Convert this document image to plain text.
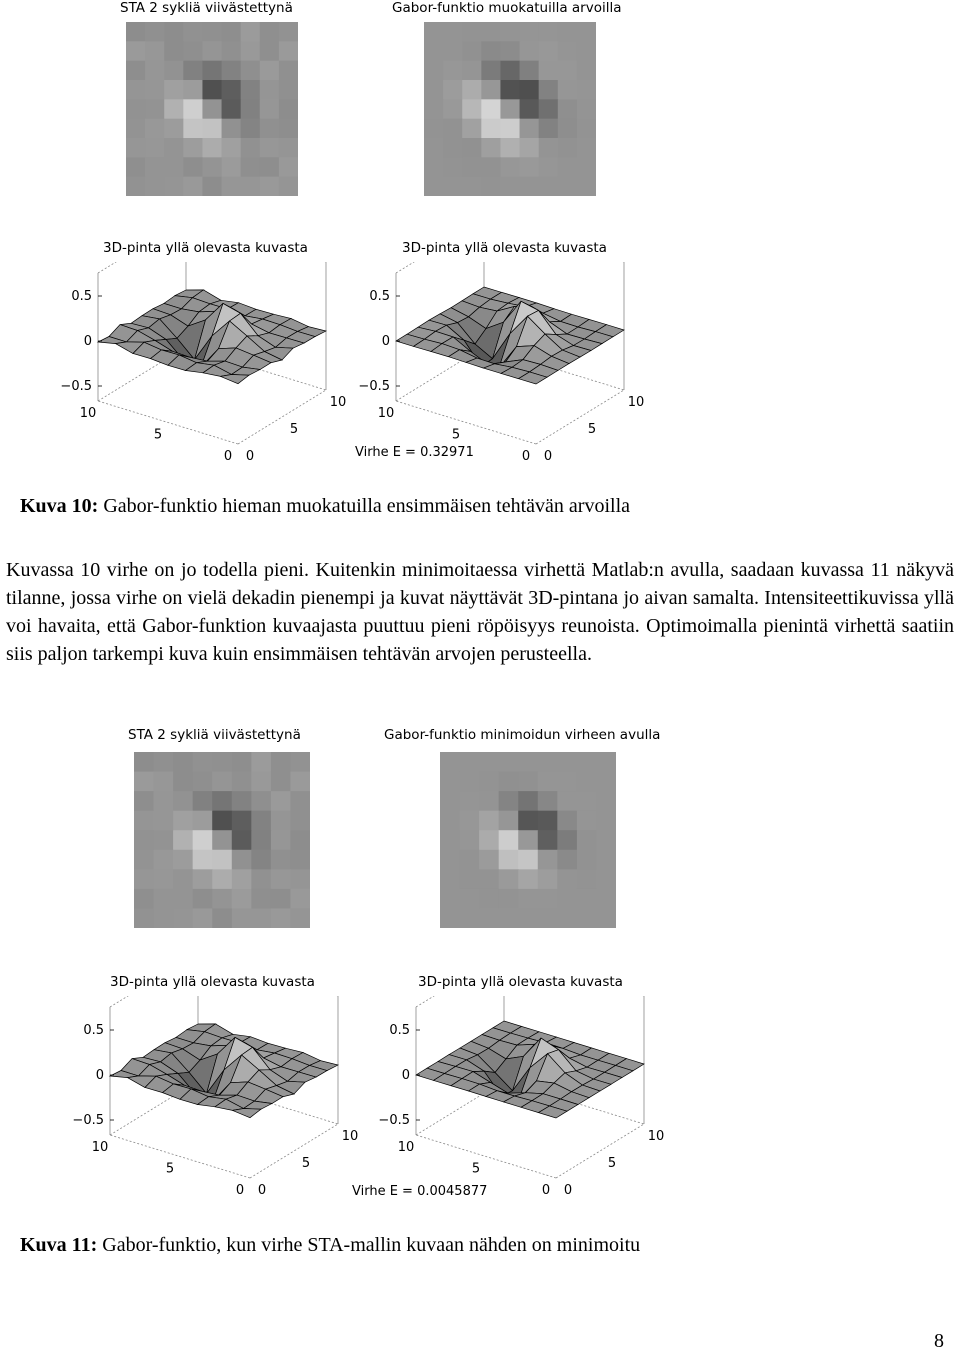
STA 2 sykliä viivästettynä	Gabor-funktio muokatuilla arvoilla
3D-pinta yllä olevasta kuvasta	3D-pinta yllä olevasta kuvasta
0.5
0
−0.5
10
5
0 0
5
10
0.5
0
−0.5
10
5
0 0
5
10
Virhe E = 0.32971
Kuva 10: Gabor-funktio hieman muokatuilla ensimmäisen tehtävän arvoilla
Kuvassa 10 virhe on jo todella pieni. Kuitenkin minimoitaessa virhettä Matlab:n avulla, saadaan kuvassa 11 näkyvä tilanne, jossa virhe on vielä dekadin pienempi ja kuvat näyttävät 3D-pintana jo aivan samalta. Intensiteettikuvissa yllä voi havaita, että Gabor-funktion kuvaajasta puuttuu pieni röpöisyys reunoista. Optimoimalla pienintä virhettä saatiin siis paljon tarkempi kuva kuin ensimmäisen tehtävän arvojen perusteella.
STA 2 sykliä viivästettynä	Gabor-funktio minimoidun virheen avulla
3D-pinta yllä olevasta kuvasta	3D-pinta yllä olevasta kuvasta
0.5
0
−0.5
10
5
0 0
5
10
0.5
0
−0.5
10
5
0 0
5
10
Virhe E = 0.0045877
Kuva 11: Gabor-funktio, kun virhe STA-mallin kuvaan nähden on minimoitu
8
